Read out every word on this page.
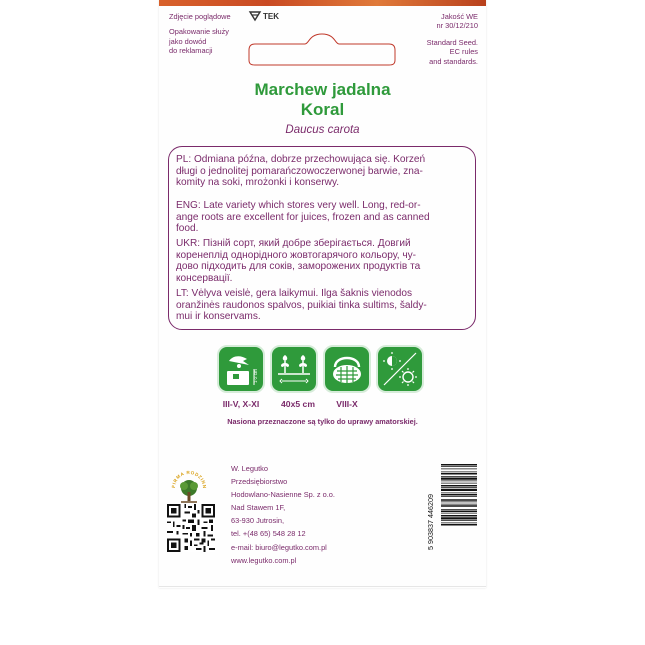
Zdjęcie poglądowe
Opakowanie służy
jako dowód
do reklamacji
TEK	Jakość WE
nr 30/12/210
Standard Seed.
EC rules
and standards.
Marchew jadalna
Koral
Daucus carota
PL: Odmiana późna, dobrze przechowująca się. Korzeń
długi o jednolitej pomarańczowoczerwonej barwie, zna-
komity na soki, mrożonki i konserwy.
ENG: Late variety which stores very well. Long, red-or-
ange roots are excellent for juices, frozen and as canned
food.
UKR: Пізній сорт, який добре зберігається. Довгий
коренеплід однорідного жовтогарячого кольору, чу-
дово підходить для соків, заморожених продуктів та
консервації.
LT: Vėlyva veislė, gera laikymui. Ilga šaknis vienodos
oranžinės raudonos spalvos, puikiai tinka sultims, šaldy-
mui ir konservams.
1-2 cm
III-V, X-XI	40x5 cm	VIII-X
Nasiona przeznaczone są tylko do uprawy amatorskiej.
FIRMA RODZINN
W. Legutko
Przedsiębiorstwo
Hodowlano-Nasienne Sp. z o.o.
Nad Stawem 1F,
63-930 Jutrosin,
tel. +(48 65) 548 28 12
e-mail: biuro@legutko.com.pl
www.legutko.com.pl
5 903837 446209
